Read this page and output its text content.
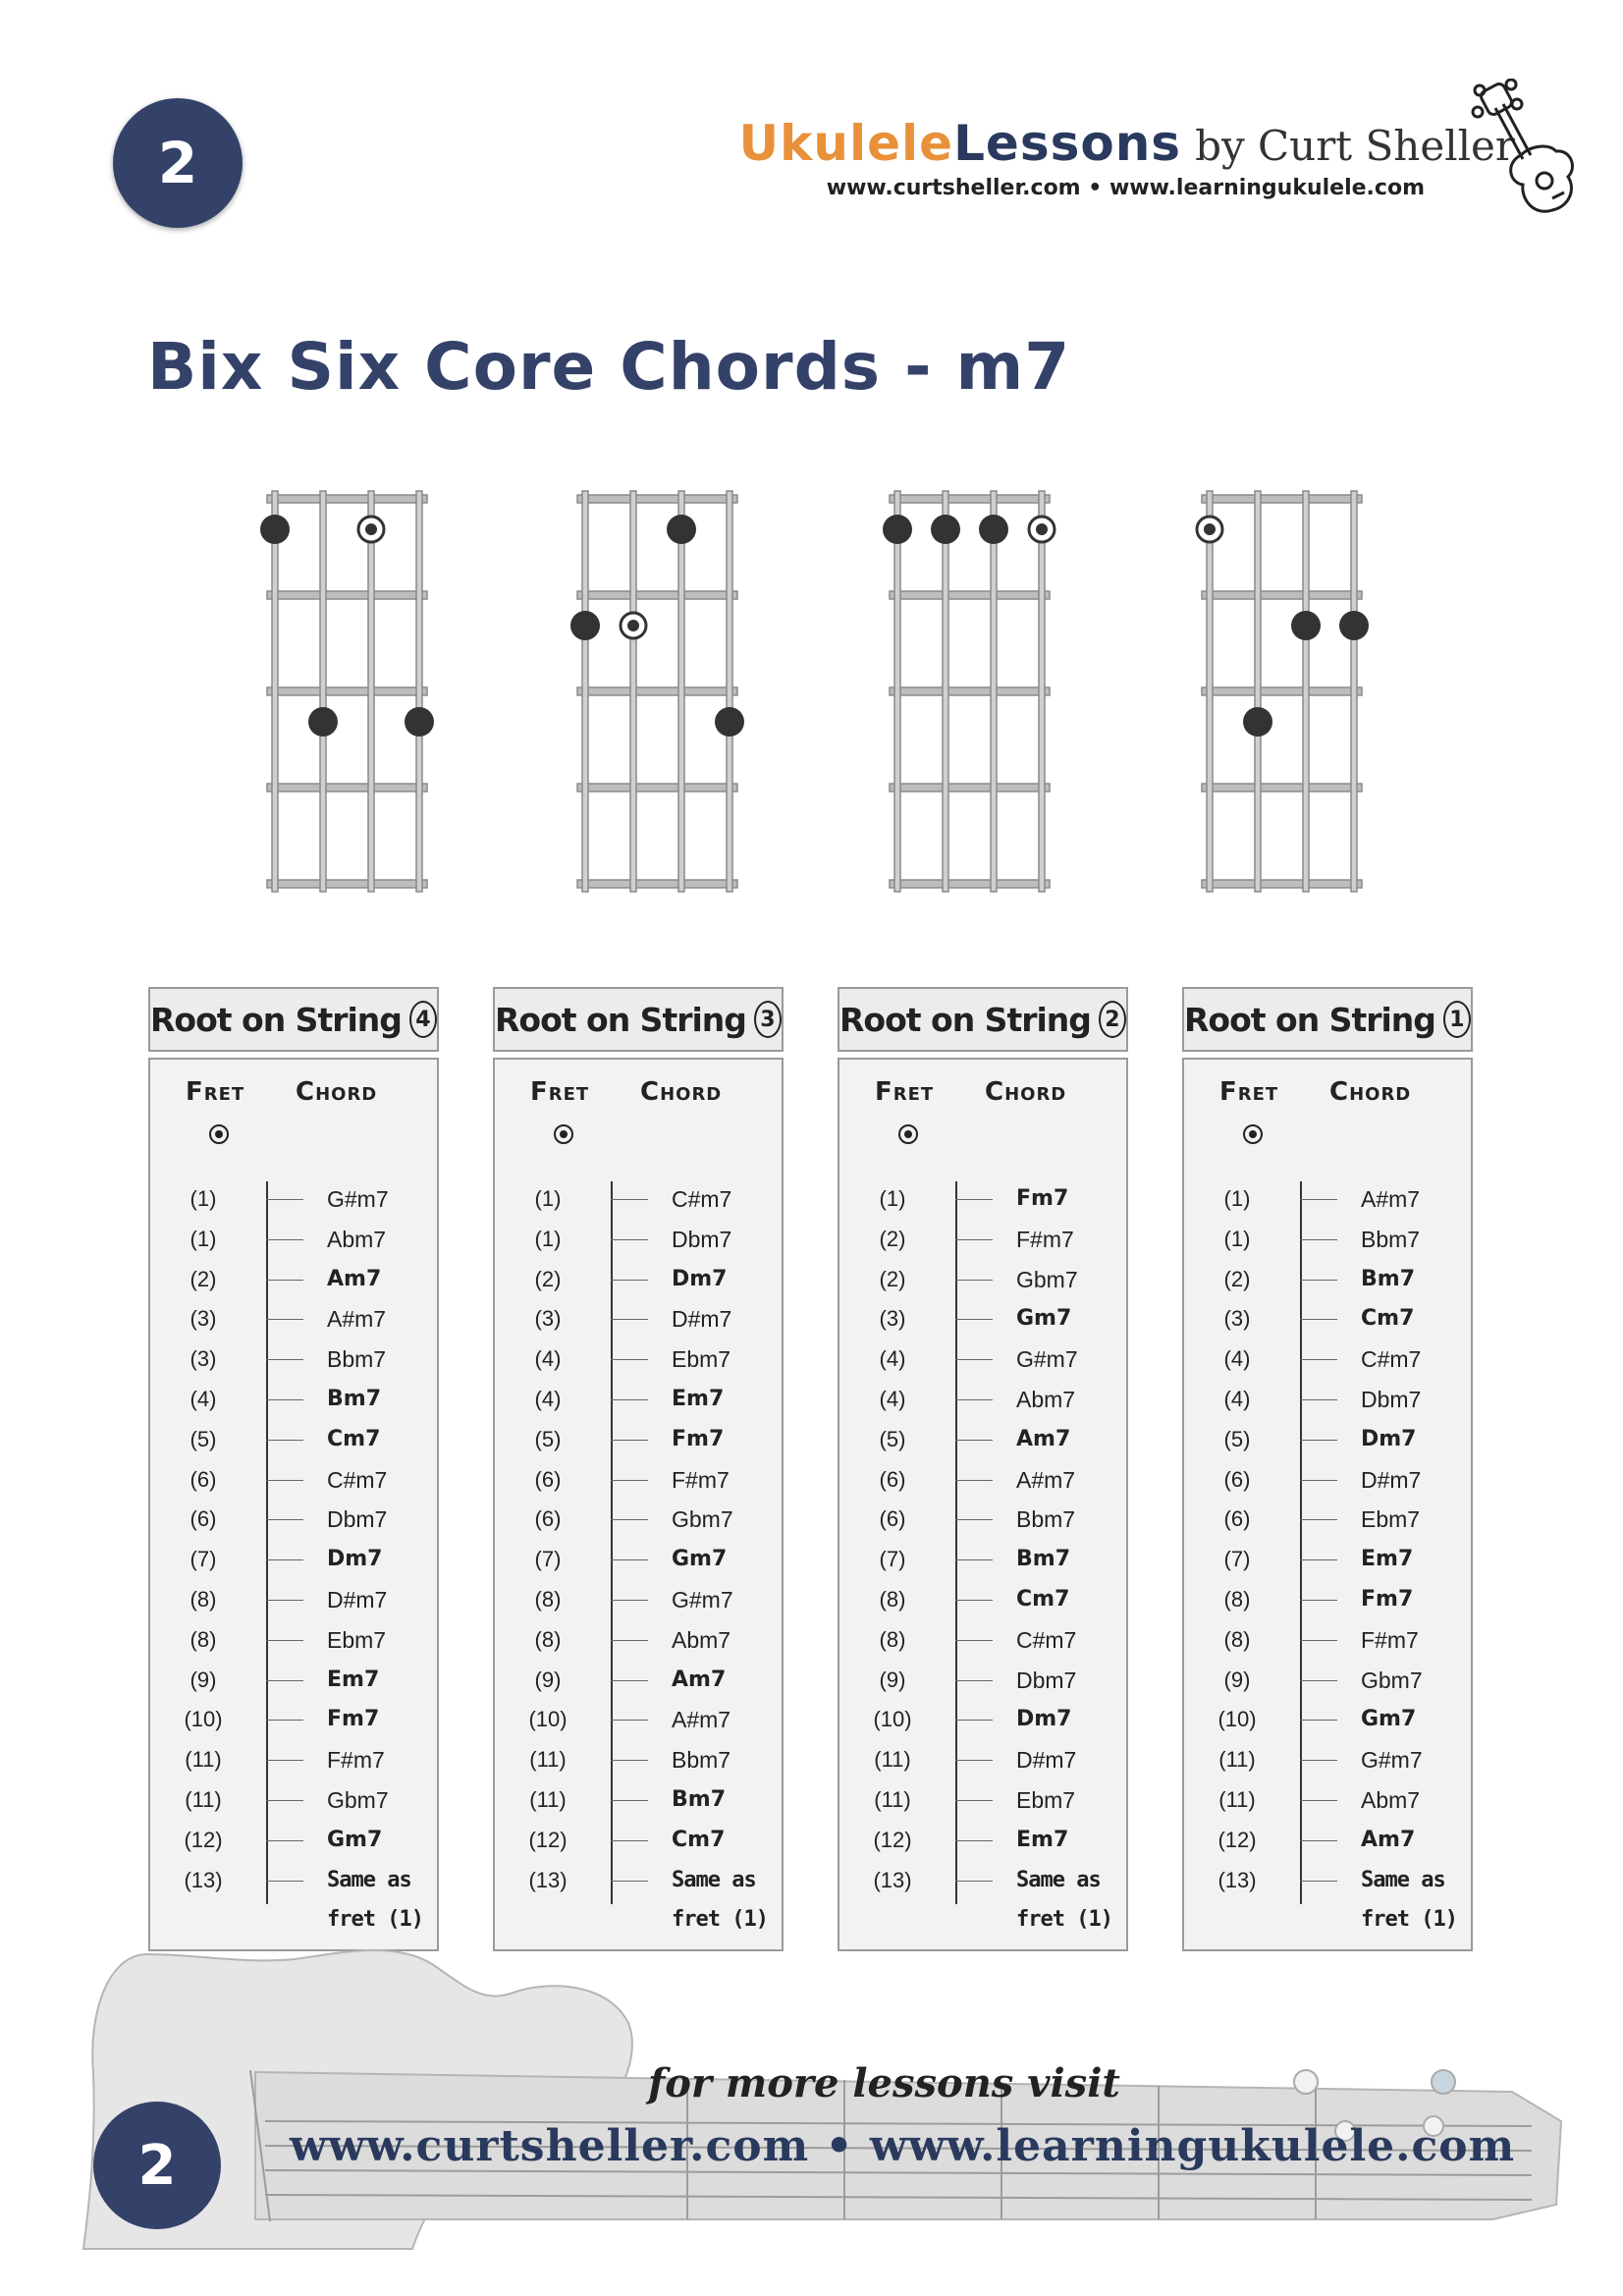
2	UkuleleLessons by Curt Sheller
www.curtsheller.com • www.learningukulele.com
Bix Six Core Chords - m7
Root on String 4
Fret Chord
(1)	G#m7
(1)	Abm7
(2)	Am7
(3)	A#m7
(3)	Bbm7
(4)	Bm7
(5)	Cm7
(6)	C#m7
(6)	Dbm7
(7)	Dm7
(8)	D#m7
(8)	Ebm7
(9)	Em7
(10)	Fm7
(11)	F#m7
(11)	Gbm7
(12)	Gm7
(13)	Same as
fret (1)
Root on String 3
Fret Chord
(1)	C#m7
(1)	Dbm7
(2)	Dm7
(3)	D#m7
(4)	Ebm7
(4)	Em7
(5)	Fm7
(6)	F#m7
(6)	Gbm7
(7)	Gm7
(8)	G#m7
(8)	Abm7
(9)	Am7
(10)	A#m7
(11)	Bbm7
(11)	Bm7
(12)	Cm7
(13)	Same as
fret (1)
Root on String 2
Fret Chord
(1)	Fm7
(2)	F#m7
(2)	Gbm7
(3)	Gm7
(4)	G#m7
(4)	Abm7
(5)	Am7
(6)	A#m7
(6)	Bbm7
(7)	Bm7
(8)	Cm7
(8)	C#m7
(9)	Dbm7
(10)	Dm7
(11)	D#m7
(11)	Ebm7
(12)	Em7
(13)	Same as
fret (1)
Root on String 1
Fret Chord
(1)	A#m7
(1)	Bbm7
(2)	Bm7
(3)	Cm7
(4)	C#m7
(4)	Dbm7
(5)	Dm7
(6)	D#m7
(6)	Ebm7
(7)	Em7
(8)	Fm7
(8)	F#m7
(9)	Gbm7
(10)	Gm7
(11)	G#m7
(11)	Abm7
(12)	Am7
(13)	Same as
fret (1)
for more lessons visit
www.curtsheller.com • www.learningukulele.com
2
